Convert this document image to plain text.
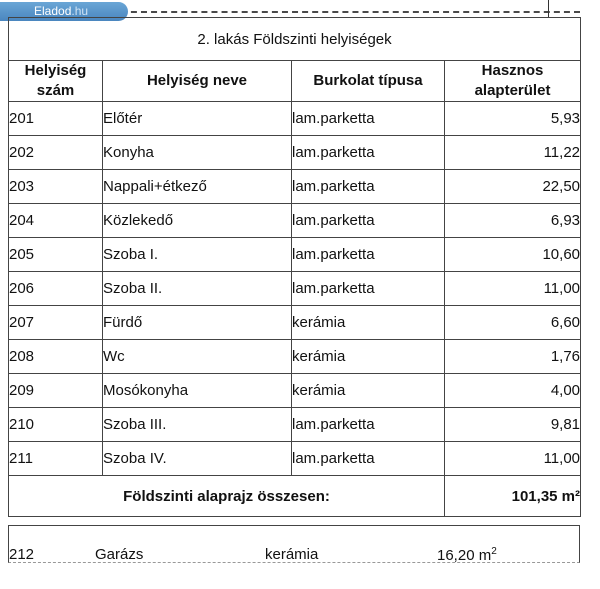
Eladod.hu
2. lakás Földszinti helyiségek			
Helyiség
szám	Helyiség neve	Burkolat típusa	Hasznos
alapterület
201	Előtér	lam.parketta	5,93
202	Konyha	lam.parketta	11,22
203	Nappali+étkező	lam.parketta	22,50
204	Közlekedő	lam.parketta	6,93
205	Szoba I.	lam.parketta	10,60
206	Szoba II.	lam.parketta	11,00
207	Fürdő	kerámia	6,60
208	Wc	kerámia	1,76
209	Mosókonyha	kerámia	4,00
210	Szoba III.	lam.parketta	9,81
211	Szoba IV.	lam.parketta	11,00
Földszinti alaprajz összesen:			101,35 m²
212	Garázs	kerámia	16,20 $m^2$
